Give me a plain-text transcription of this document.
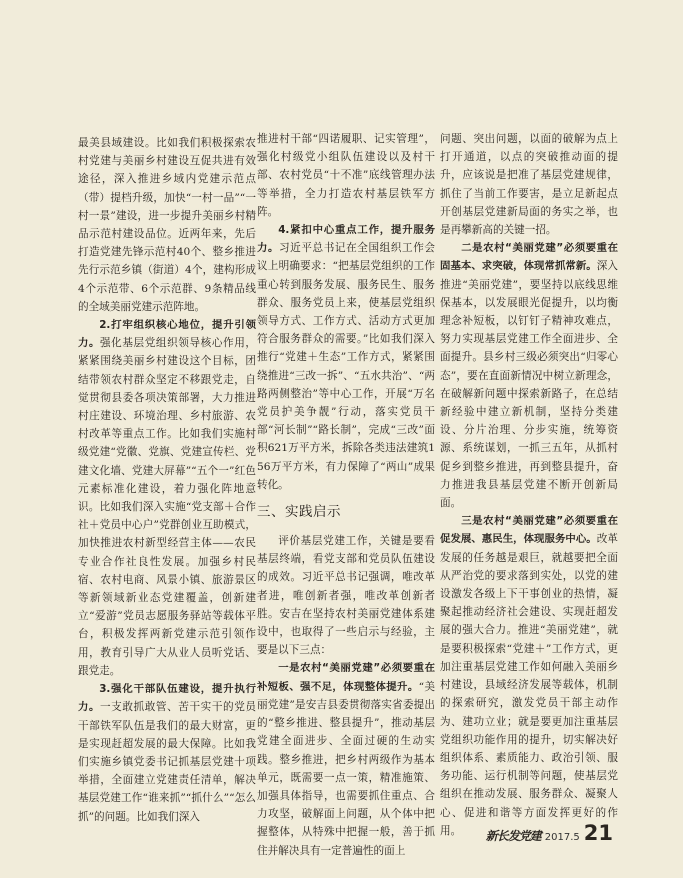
最美县域建设。比如我们积极探索农村党建与美丽乡村建设互促共进有效途径，深入推进乡域内党建示范点（带）提档升级，加快“一村一品”“一村一景”建设，进一步提升美丽乡村精品示范村建设品位。近两年来，先后打造党建先锋示范村40个、整乡推进先行示范乡镇（街道）4个，建构形成4个示范带、6个示范群、9条精品线的全域美丽党建示范阵地。

2.打牢组织核心地位，提升引领力。强化基层党组织领导核心作用，紧紧围绕美丽乡村建设这个目标，团结带领农村群众坚定不移跟党走，自觉贯彻县委各项决策部署，大力推进村庄建设、环境治理、乡村旅游、农村改革等重点工作。比如我们实施村级党建“党徽、党旗、党建宣传栏、党建文化墙、党建大屏幕”“五个一”红色元素标准化建设，着力强化阵地意识。比如我们深入实施“党支部＋合作社＋党员中心户”党群创业互助模式，加快推进农村新型经营主体——农民专业合作社良性发展。加强乡村民宿、农村电商、风景小镇、旅游景区等新领域新业态党建覆盖，创新建立“爱游”党员志愿服务驿站等载体平台，积极发挥两新党建示范引领作用，教育引导广大从业人员听党话、跟党走。

3.强化干部队伍建设，提升执行力。一支敢抓敢管、苦干实干的党员干部铁军队伍是我们的最大财富，更是实现赶超发展的最大保障。比如我们实施乡镇党委书记抓基层党建十项举措，全面建立党建责任清单，解决基层党建工作“谁来抓”“抓什么”“怎么抓”的问题。比如我们深入

推进村干部“四诺履职、记实管理”，强化村级党小组队伍建设以及村干部、农村党员“十不准”底线管理办法等举措，全力打造农村基层铁军方阵。

4.紧扣中心重点工作，提升服务力。习近平总书记在全国组织工作会议上明确要求：“把基层党组织的工作重心转到服务发展、服务民生、服务群众、服务党员上来，使基层党组织领导方式、工作方式、活动方式更加符合服务群众的需要。”比如我们深入推行“党建＋生态”工作方式，紧紧围绕推进“三改一拆”、“五水共治”、“两路两侧整治”等中心工作，开展“万名党员护美争靓”行动，落实党员干部“河长制”“路长制”，完成“三改”面积621万平方米，拆除各类违法建筑156万平方米，有力保障了“两山”成果转化。

三、实践启示

评价基层党建工作，关键是要看基层终端，看党支部和党员队伍建设的成效。习近平总书记强调，唯改革者进，唯创新者强，唯改革创新者胜。安吉在坚持农村美丽党建体系建设中，也取得了一些启示与经验，主要是以下三点：

一是农村“美丽党建”必须要重在补短板、强不足，体现整体提升。“美丽党建”是安吉县委贯彻落实省委提出的“整乡推进、整县提升”，推动基层党建全面进步、全面过硬的生动实践。整乡推进，把乡村两级作为基本单元，既需要一点一策，精准施策、加强具体指导，也需要抓住重点、合力攻坚，破解面上问题，从个体中把握整体，从特殊中把握一般，善于抓住并解决具有一定普遍性的面上

问题、突出问题，以面的破解为点上打开通道，以点的突破推动面的提升，应该说是把准了基层党建规律，抓住了当前工作要害，是立足新起点开创基层党建新局面的务实之举，也是再攀新高的关键一招。

二是农村“美丽党建”必须要重在固基本、求突破，体现常抓常新。深入推进“美丽党建”，要坚持以底线思维保基本，以发展眼光促提升，以均衡理念补短板，以钉钉子精神攻难点，努力实现基层党建工作全面进步、全面提升。县乡村三级必须突出“归零心态”，要在直面新情况中树立新理念，在破解新问题中探索新路子，在总结新经验中建立新机制，坚持分类建设、分片治理、分步实施，统筹资源、系统谋划，一抓三五年，从抓村促乡到整乡推进，再到整县提升，奋力推进我县基层党建不断开创新局面。

三是农村“美丽党建”必须要重在促发展、惠民生，体现服务中心。改革发展的任务越是艰巨，就越要把全面从严治党的要求落到实处，以党的建设激发各级上下干事创业的热情，凝聚起推动经济社会建设、实现赶超发展的强大合力。推进“美丽党建”，就是要积极探索“党建＋”工作方式，更加注重基层党建工作如何融入美丽乡村建设，县域经济发展等载体，机制的探索研究，激发党员干部主动作为、建功立业；就是要更加注重基层党组织功能作用的提升，切实解决好组织体系、素质能力、政治引领、服务功能、运行机制等问题，使基层党组织在推动发展、服务群众、凝聚人心、促进和谐等方面发挥更好的作用。	新长发党建 2017.5 21
